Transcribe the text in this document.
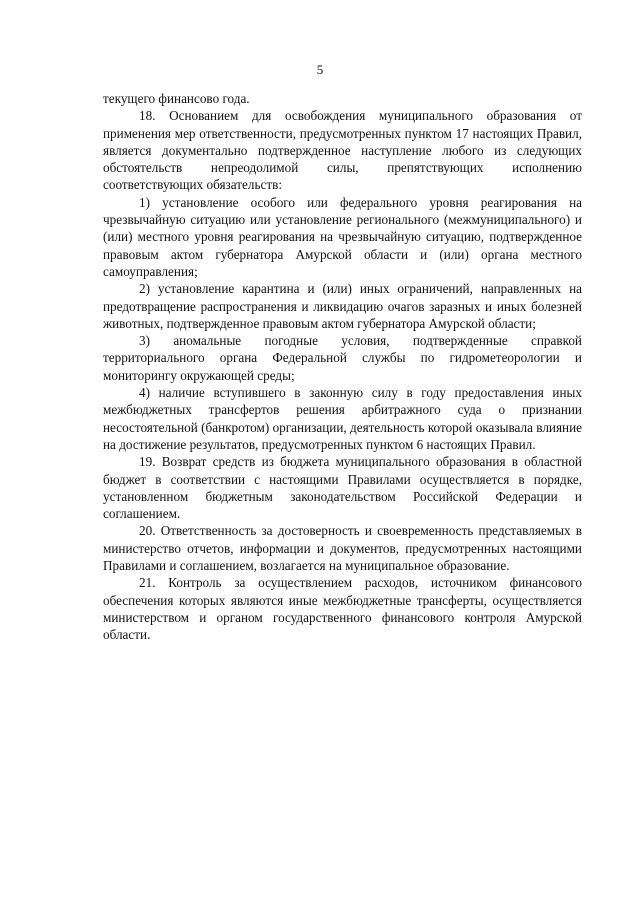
5

текущего финансово года.

18. Основанием для освобождения муниципального образования от применения мер ответственности, предусмотренных пунктом 17 настоящих Правил, является документально подтвержденное наступление любого из следующих обстоятельств непреодолимой силы, препятствующих исполнению соответствующих обязательств:

1) установление особого или федерального уровня реагирования на чрезвычайную ситуацию или установление регионального (межмуниципального) и (или) местного уровня реагирования на чрезвычайную ситуацию, подтвержденное правовым актом губернатора Амурской области и (или) органа местного самоуправления;

2) установление карантина и (или) иных ограничений, направленных на предотвращение распространения и ликвидацию очагов заразных и иных болезней животных, подтвержденное правовым актом губернатора Амурской области;

3) аномальные погодные условия, подтвержденные справкой территориального органа Федеральной службы по гидрометеорологии и мониторингу окружающей среды;

4) наличие вступившего в законную силу в году предоставления иных межбюджетных трансфертов решения арбитражного суда о признании несостоятельной (банкротом) организации, деятельность которой оказывала влияние на достижение результатов, предусмотренных пунктом 6 настоящих Правил.

19. Возврат средств из бюджета муниципального образования в областной бюджет в соответствии с настоящими Правилами осуществляется в порядке, установленном бюджетным законодательством Российской Федерации и соглашением.

20. Ответственность за достоверность и своевременность представляемых в министерство отчетов, информации и документов, предусмотренных настоящими Правилами и соглашением, возлагается на муниципальное образование.

21. Контроль за осуществлением расходов, источником финансового обеспечения которых являются иные межбюджетные трансферты, осуществляется министерством и органом государственного финансового контроля Амурской области.
